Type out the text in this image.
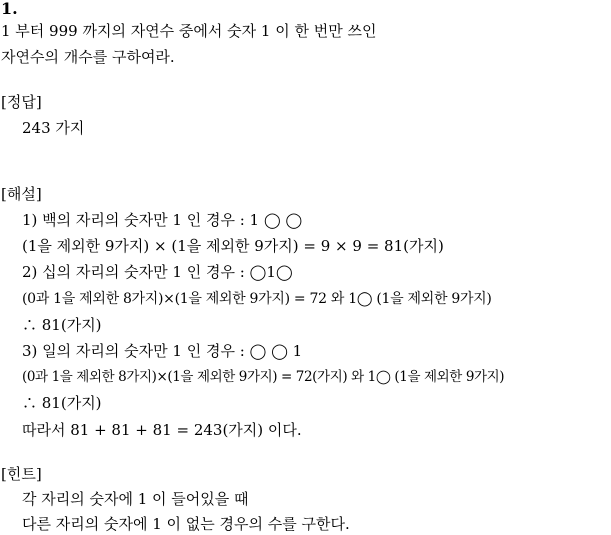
1.
1 부터 999 까지의 자연수 중에서 숫자 1 이 한 번만 쓰인
자연수의 개수를 구하여라.
[정답]
243 가지
[해설]
1) 백의 자리의 숫자만 1 인 경우 : 1 ◯ ◯
(1을 제외한 9가지) × (1을 제외한 9가지) = 9 × 9 = 81(가지)
2) 십의 자리의 숫자만 1 인 경우 : ◯1◯
(0과 1을 제외한 8가지)×(1을 제외한 9가지) = 72 와 1◯ (1을 제외한 9가지)
∴ 81(가지)
3) 일의 자리의 숫자만 1 인 경우 : ◯ ◯ 1
(0과 1을 제외한 8가지)×(1을 제외한 9가지) = 72(가지) 와 1◯ (1을 제외한 9가지)
∴ 81(가지)
따라서 81 + 81 + 81 = 243(가지) 이다.
[힌트]
각 자리의 숫자에 1 이 들어있을 때
다른 자리의 숫자에 1 이 없는 경우의 수를 구한다.
